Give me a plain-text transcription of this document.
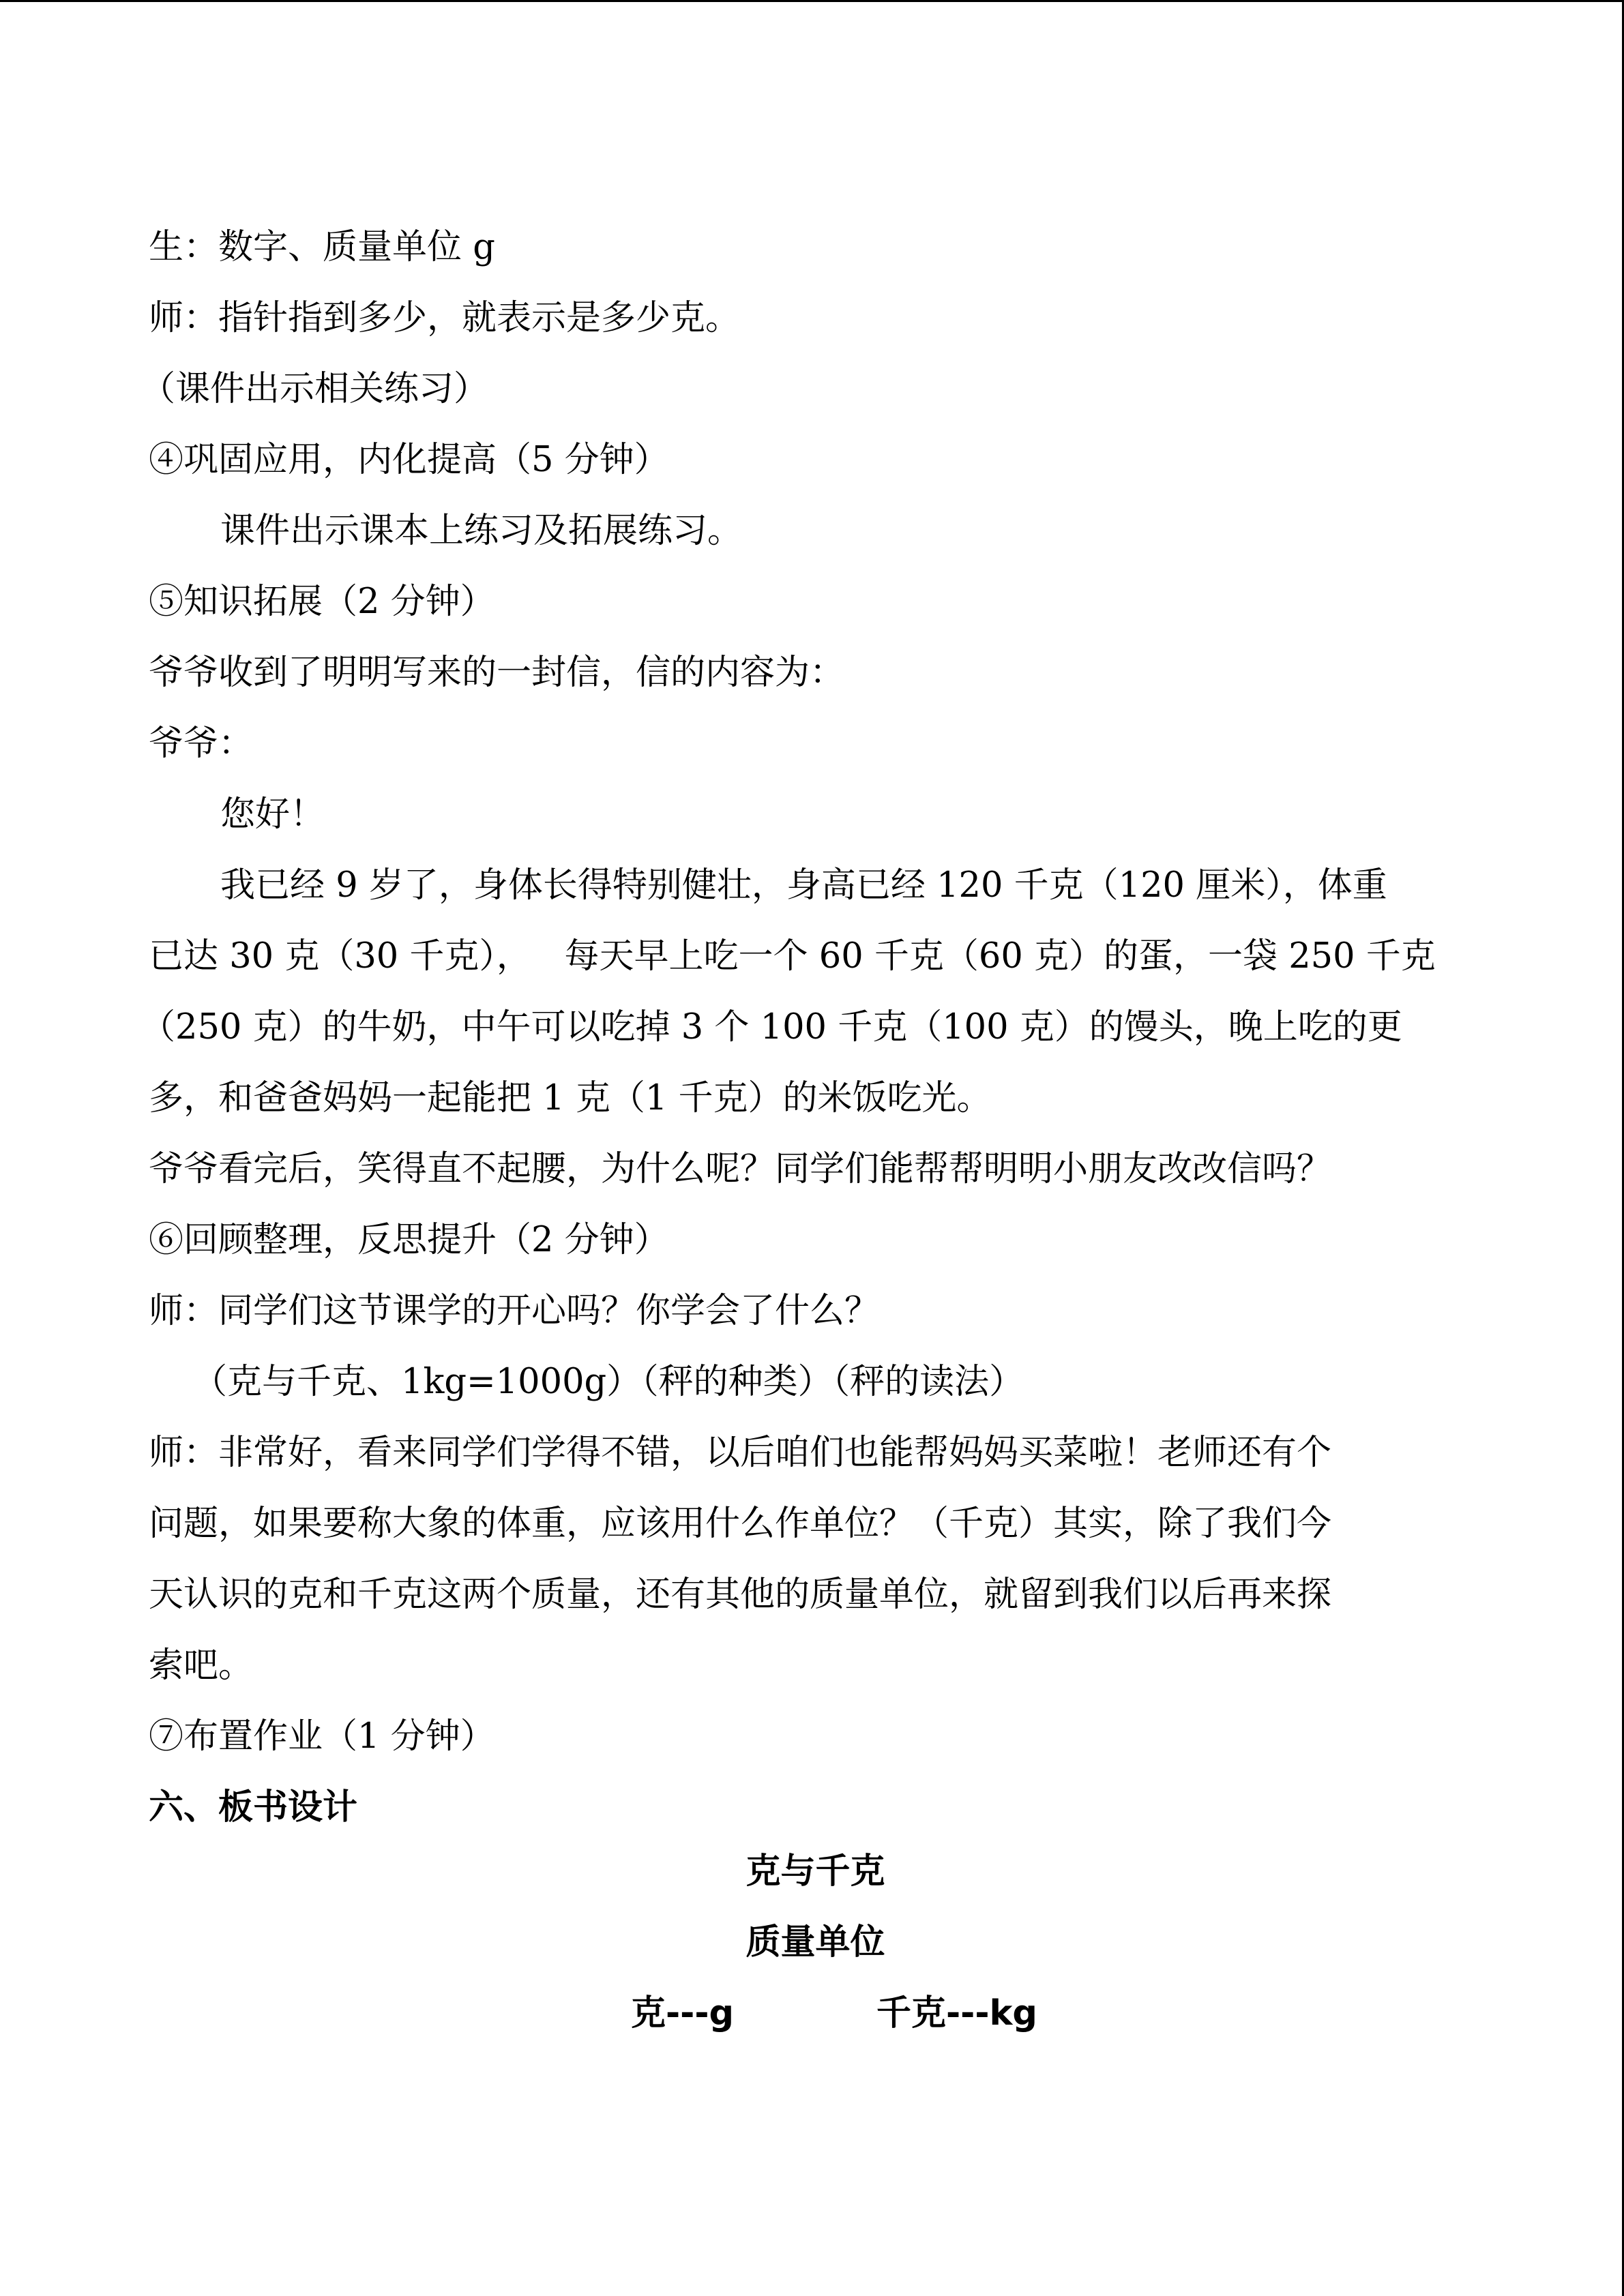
生：数字、质量单位 g

师：指针指到多少，就表示是多少克。

（课件出示相关练习）

④巩固应用，内化提高（5 分钟）

课件出示课本上练习及拓展练习。

⑤知识拓展（2 分钟）

爷爷收到了明明写来的一封信，信的内容为：

爷爷：

您好！

我已经 9 岁了，身体长得特别健壮，身高已经 120 千克（120 厘米），体重

已达 30 克（30 千克），   每天早上吃一个 60 千克（60 克）的蛋，一袋 250 千克

（250 克）的牛奶，中午可以吃掉 3 个 100 千克（100 克）的馒头，晚上吃的更

多，和爸爸妈妈一起能把 1 克（1 千克）的米饭吃光。

爷爷看完后，笑得直不起腰，为什么呢？同学们能帮帮明明小朋友改改信吗？

⑥回顾整理，反思提升（2 分钟）

师：同学们这节课学的开心吗？你学会了什么？

（克与千克、1kg=1000g）（秤的种类）（秤的读法）

师：非常好，看来同学们学得不错，以后咱们也能帮妈妈买菜啦！老师还有个

问题，如果要称大象的体重，应该用什么作单位？（千克）其实，除了我们今

天认识的克和千克这两个质量，还有其他的质量单位，就留到我们以后再来探

索吧。

⑦布置作业（1 分钟）

六、板书设计

克与千克

质量单位

克---g	千克---kg
